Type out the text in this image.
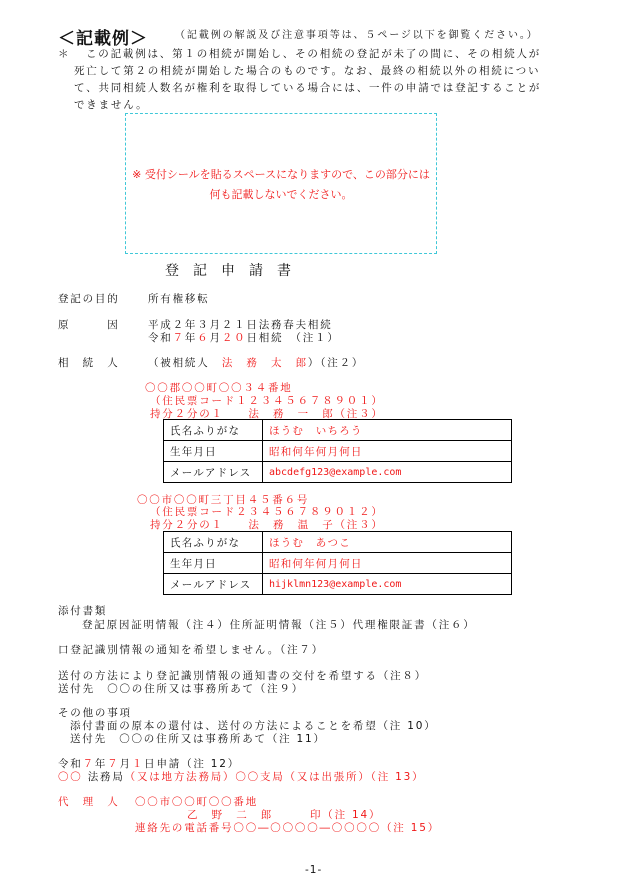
＜記載例＞	（記載例の解説及び注意事項等は、５ページ以下を御覧ください。）
＊ この記載例は、第１の相続が開始し、その相続の登記が未了の間に、その相続人が
死亡して第２の相続が開始した場合のものです。なお、最終の相続以外の相続につい
て、共同相続人数名が権利を取得している場合には、一件の申請では登記することが
できません。
※ 受付シールを貼るスペースになりますので、この部分には
何も記載しないでください。
登記申請書
登記の目的	所有権移転
原　　　因	平成２年３月２１日法務春夫相続
令和７年６月２０日相続　（注１）
相　続　人	（被相続人　法　務　太　郎）（注２）
〇〇郡〇〇町〇〇３４番地
（住民票コード１２３４５６７８９０１）
持分２分の１　　法　務　一　郎（注３）
氏名ふりがな	ほうむ　いちろう
生年月日	昭和何年何月何日
メールアドレス	abcdefg123@example.com
〇〇市〇〇町三丁目４５番６号
（住民票コード２３４５６７８９０１２）
持分２分の１　　法　務　温　子（注３）
氏名ふりがな	ほうむ　あつこ
生年月日	昭和何年何月何日
メールアドレス	hijklmn123@example.com
添付書類
登記原因証明情報（注４）住所証明情報（注５）代理権限証書（注６）
口登記識別情報の通知を希望しません。（注７）
送付の方法により登記識別情報の通知書の交付を希望する（注８）
送付先　〇〇の住所又は事務所あて（注９）
その他の事項
添付書面の原本の還付は、送付の方法によることを希望（注 10）
送付先　〇〇の住所又は事務所あて（注 11）
令和７年７月１日申請（注 12）
〇〇 法務局（又は地方法務局）〇〇支局（又は出張所）（注 13）
代　理　人 〇〇市〇〇町〇〇番地
乙　野　二　郎　　　印（注 14）
連絡先の電話番号〇〇―〇〇〇〇―〇〇〇〇（注 15）
-1-
